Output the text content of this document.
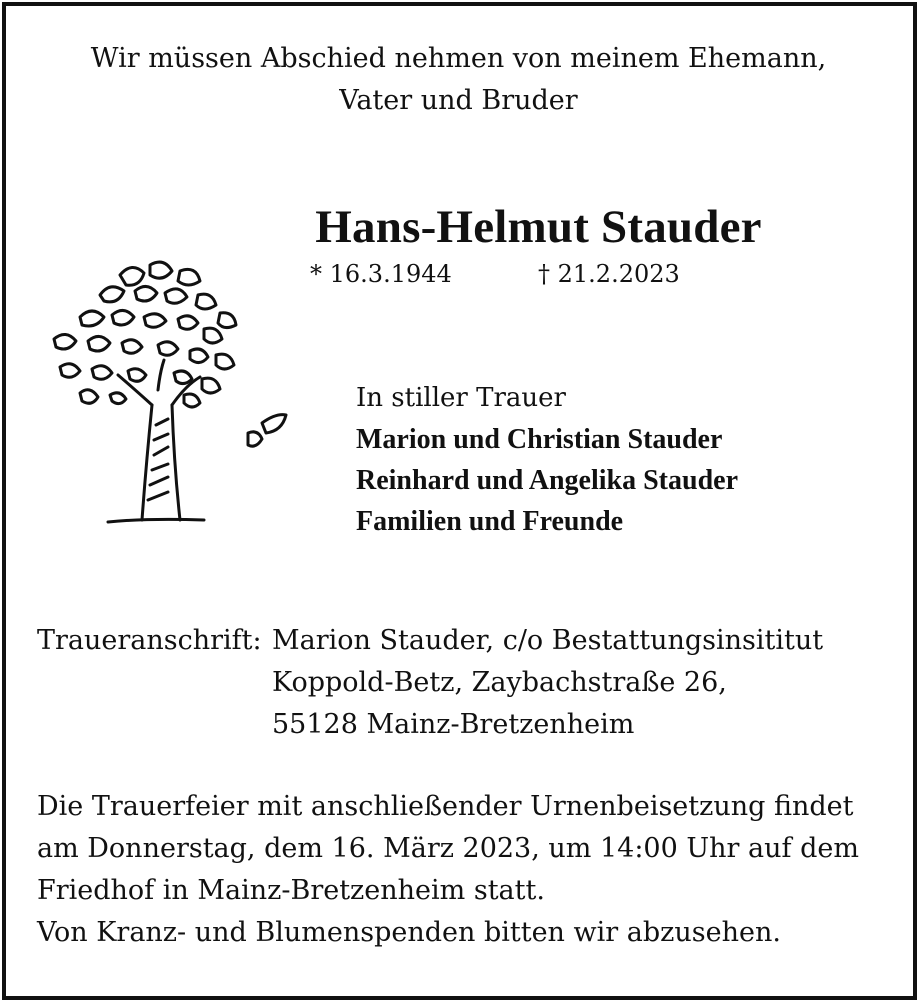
Wir müssen Abschied nehmen von meinem Ehemann,
Vater und Bruder
Hans-Helmut Stauder
* 16.3.1944	† 21.2.2023
In stiller Trauer
Marion und Christian Stauder
Reinhard und Angelika Stauder
Familien und Freunde
Traueranschrift: Marion Stauder, c/o Bestattungsinsititut
Koppold-Betz, Zaybachstraße 26,
55128 Mainz-Bretzenheim
Die Trauerfeier mit anschließender Urnenbeisetzung findet
am Donnerstag, dem 16. März 2023, um 14:00 Uhr auf dem
Friedhof in Mainz-Bretzenheim statt.
Von Kranz- und Blumenspenden bitten wir abzusehen.
